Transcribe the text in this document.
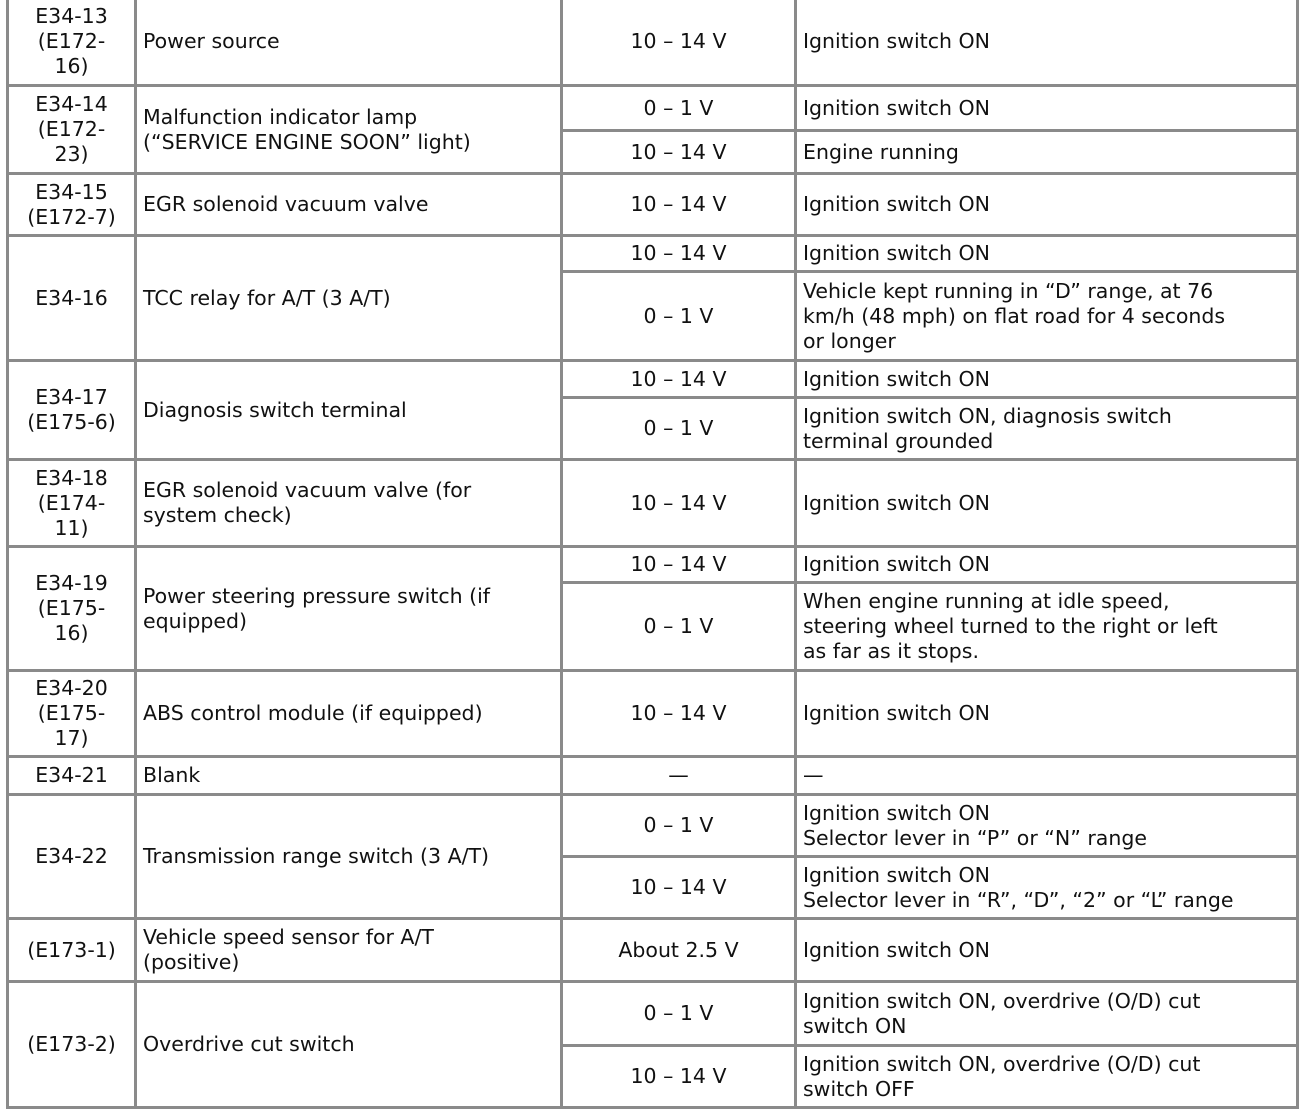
E34-13
(E172-
16)	Power source	10 – 14 V	Ignition switch ON

E34-14
(E172-
23)	Malfunction indicator lamp
(“SERVICE ENGINE SOON” light)	0 – 1 V	Ignition switch ON

		10 – 14 V	Engine running

E34-15
(E172-7)	EGR solenoid vacuum valve	10 – 14 V	Ignition switch ON

E34-16	TCC relay for A/T (3 A/T)	10 – 14 V	Ignition switch ON

		0 – 1 V	Vehicle kept running in “D” range, at 76
km/h (48 mph) on flat road for 4 seconds
or longer

E34-17
(E175-6)	Diagnosis switch terminal	10 – 14 V	Ignition switch ON

		0 – 1 V	Ignition switch ON, diagnosis switch
terminal grounded

E34-18
(E174-
11)	EGR solenoid vacuum valve (for
system check)	10 – 14 V	Ignition switch ON

E34-19
(E175-
16)	Power steering pressure switch (if
equipped)	10 – 14 V	Ignition switch ON

		0 – 1 V	When engine running at idle speed,
steering wheel turned to the right or left
as far as it stops.

E34-20
(E175-
17)	ABS control module (if equipped)	10 – 14 V	Ignition switch ON

E34-21	Blank	—	—

E34-22	Transmission range switch (3 A/T)	0 – 1 V	Ignition switch ON
Selector lever in “P” or “N” range

		10 – 14 V	Ignition switch ON
Selector lever in “R”, “D”, “2” or “L” range

(E173-1)	Vehicle speed sensor for A/T
(positive)	About 2.5 V	Ignition switch ON

(E173-2)	Overdrive cut switch	0 – 1 V	Ignition switch ON, overdrive (O/D) cut
switch ON

		10 – 14 V	Ignition switch ON, overdrive (O/D) cut
switch OFF
